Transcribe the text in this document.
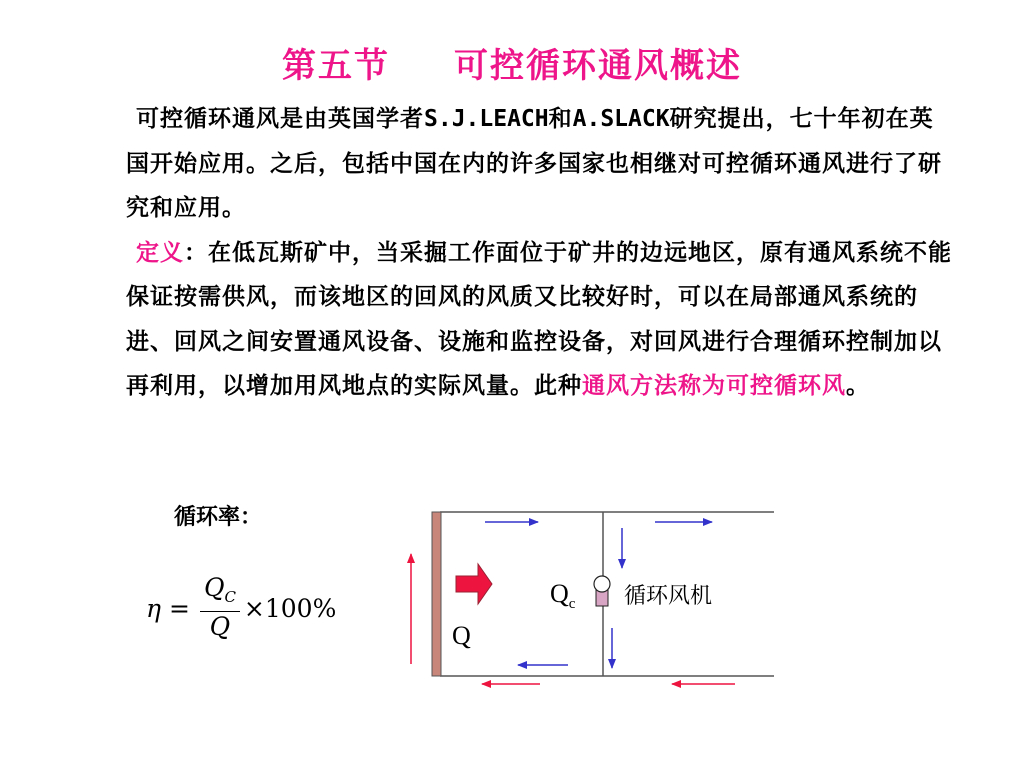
第五节 可控循环通风概述
可控循环通风是由英国学者S.J.LEACH和A.SLACK研究提出，七十年初在英国开始应用。之后，包括中国在内的许多国家也相继对可控循环通风进行了研究和应用。
定义：在低瓦斯矿中，当采掘工作面位于矿井的边远地区，原有通风系统不能保证按需供风，而该地区的回风的风质又比较好时，可以在局部通风系统的进、回风之间安置通风设备、设施和监控设备，对回风进行合理循环控制加以再利用，以增加用风地点的实际风量。此种通风方法称为可控循环风。
循环率：
$\eta = \frac{Q_C}{Q} \times 100\%$	$Q_c$ 循环风机
Q
